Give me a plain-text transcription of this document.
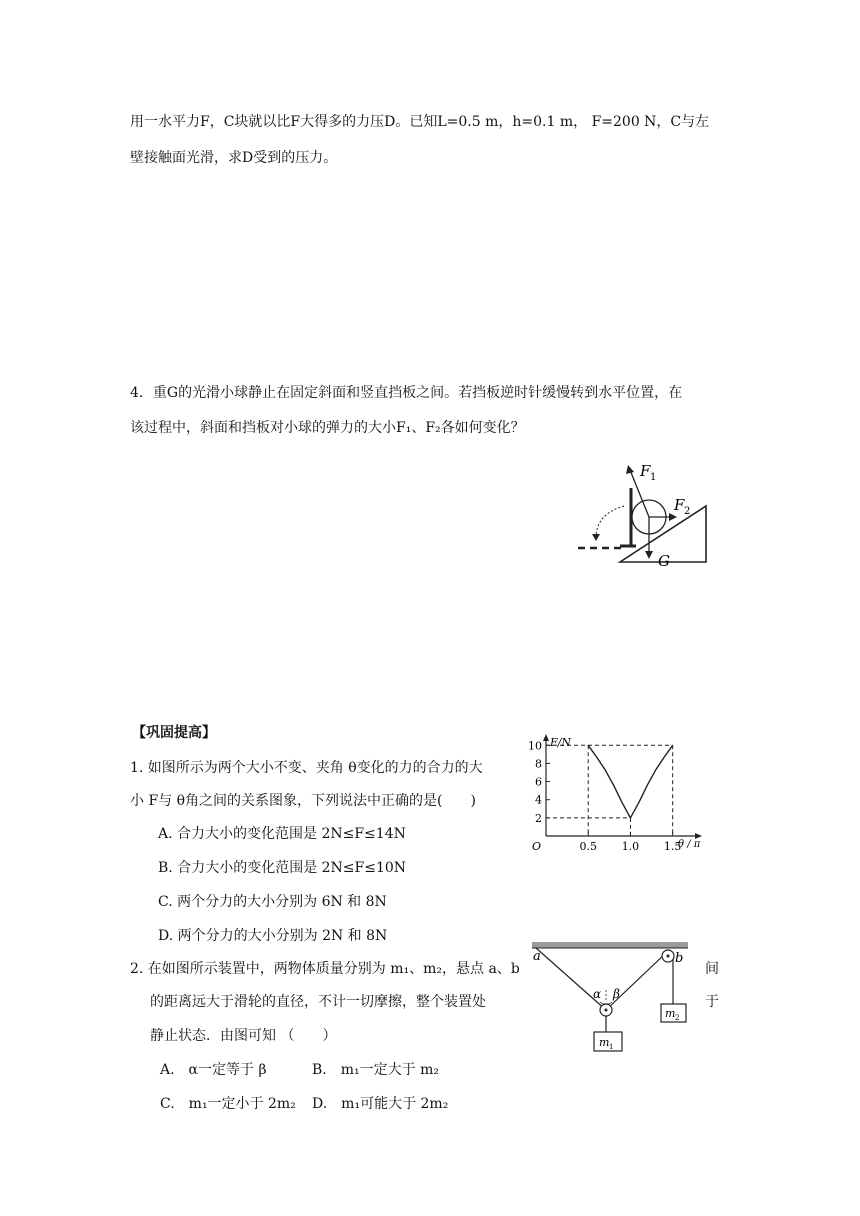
用一水平力F，C块就以比F大得多的力压D。已知L=0.5 m，h=0.1 m， F=200 N，C与左
壁接触面光滑，求D受到的压力。
4．重G的光滑小球静止在固定斜面和竖直挡板之间。若挡板逆时针缓慢转到水平位置，在
该过程中，斜面和挡板对小球的弹力的大小F₁、F₂各如何变化？
F 1
F 2
G
【巩固提高】
1. 如图所示为两个大小不变、夹角 θ变化的力的合力的大
小 F与 θ角之间的关系图象，下列说法中正确的是(　　)
A. 合力大小的变化范围是 2N≤F≤14N
B. 合力大小的变化范围是 2N≤F≤10N
C. 两个分力的大小分别为 6N 和 8N
D. 两个分力的大小分别为 2N 和 8N
F/N
θ / π
O
2
4
6
8
10
0.5 1.0 1.5
2. 在如图所示装置中，两物体质量分别为 m₁、m₂，悬点 a、b	间
的距离远大于滑轮的直径，不计一切摩擦，整个装置处	于
静止状态．由图可知 （　　）
A.　α一定等于 β	B.　m₁一定大于 m₂
C.　m₁一定小于 2m₂ D.　m₁可能大于 2m₂
a	b
α β
m 1
m 2
